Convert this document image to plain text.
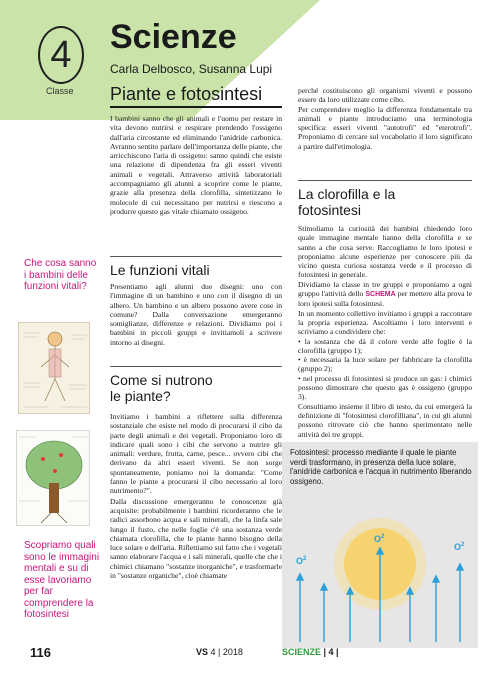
4
Classe
Scienze
Carla Delbosco, Susanna Lupi
Piante e fotosintesi

I bambini sanno che gli animali e l'uomo per restare in vita devono nutrirsi e respirare prendendo l'ossigeno dall'aria circostante ed eliminando l'anidride carbonica. Avranno sentito parlare dell'importanza delle piante, che arricchiscono l'aria di ossigeno: sanno quindi che esiste una relazione di dipendenza fra gli esseri viventi animali e vegetali. Attraverso attività laboratoriali accompagniamo gli alunni a scoprire come le piante, grazie alla presenza della clorofilla, sintetizzano le molecole di cui necessitano per nutrirsi e riescono a produrre questo gas vitale chiamato ossigeno.

Le funzioni vitali

Presentiamo agli alunni due disegni: uno con l'immagine di un bambino e uno con il disegno di un albero. Un bambino e un albero possono avere cose in comune? Dalla conversazione emergeranno somiglianze, differenze e relazioni. Dividiamo poi i bambini in piccoli gruppi e invitiamoli a scrivere intorno ai disegni.

Come si nutrono
le piante?

Invitiamo i bambini a riflettere sulla differenza sostanziale che esiste nel modo di procurarsi il cibo da parte degli animali e dei vegetali. Proponiamo loro di indicare quali sono i cibi che servono a nutrire gli animali: verdure, frutta, carne, pesce... ovvero cibi che derivano da altri esseri viventi. Se non sorge spontaneamente, poniamo noi la domanda: "Come fanno le piante a procurarsi il cibo necessario al loro nutrimento?".

Dalla discussione emergeranno le conoscenze già acquisite: probabilmente i bambini ricorderanno che le radici assorbono acqua e sali minerali, che la linfa sale lungo il fusto, che nelle foglie c'è una sostanza verde chiamata clorofilla, che le piante hanno bisogno della luce solare e dell'aria. Riflettiamo sul fatto che i vegetali sanno elaborare l'acqua e i sali minerali, quelle che che i chimici chiamano "sostanze inorganiche", e trasformarle in "sostanze organiche", cioè chiamate

perché costituiscono gli organismi viventi e possono essere da loro utilizzate come cibo.

Per comprendere meglio la differenza fondamentale tra animali e piante introduciamo una terminologia specifica: esseri viventi "autotrofi" ed "eterotrofi". Proponiamo di cercare sul vocabolario il loro significato a partire dall'etimologia.

La clorofilla e la
fotosintesi

Stimoliamo la curiosità dei bambini chiedendo loro quale immagine mentale hanno della clorofilla e se sanno a che cosa serve. Raccogliamo le loro ipotesi e proponiamo alcune esperienze per conoscere più da vicino questa curiosa sostanza verde e il processo di fotosintesi in generale.

Dividiamo la classe in tre gruppi e proponiamo a ogni gruppo l'attività dello SCHEMA per mettere alla prova le loro ipotesi sulla fotosintesi.

In un momento collettivo invitiamo i gruppi a raccontare la propria esperienza. Ascoltiamo i loro interventi e scriviamo a condividere che:

• la sostanza che dà il colore verde alle foglie è la clorofilla (gruppo 1);

• è necessaria la luce solare per fabbricare la clorofilla (gruppo 2);

• nel processo di fotosintesi si produce un gas: i chimici possono dimostrare che questo gas è ossigeno (gruppo 3).

Consultiamo insieme il libro di testo, da cui emergerà la definizione di "fotosintesi clorofilliana", in cui gli alunni possono ritrovare ciò che hanno sperimentato nelle attività dei tre gruppi.

Che cosa sanno i bambini delle funzioni vitali?
Scopriamo quali sono le immagini mentali e su di esse lavoriamo per far comprendere la fotosintesi
Fotosintesi: processo mediante il quale le piante verdi trasformano, in presenza della luce solare, l'anidride carbonica e l'acqua in nutrimento liberando ossigeno.
$O^2$
$O^2$
$O^2$
116	VS 4 | 2018	SCIENZE | 4 |
